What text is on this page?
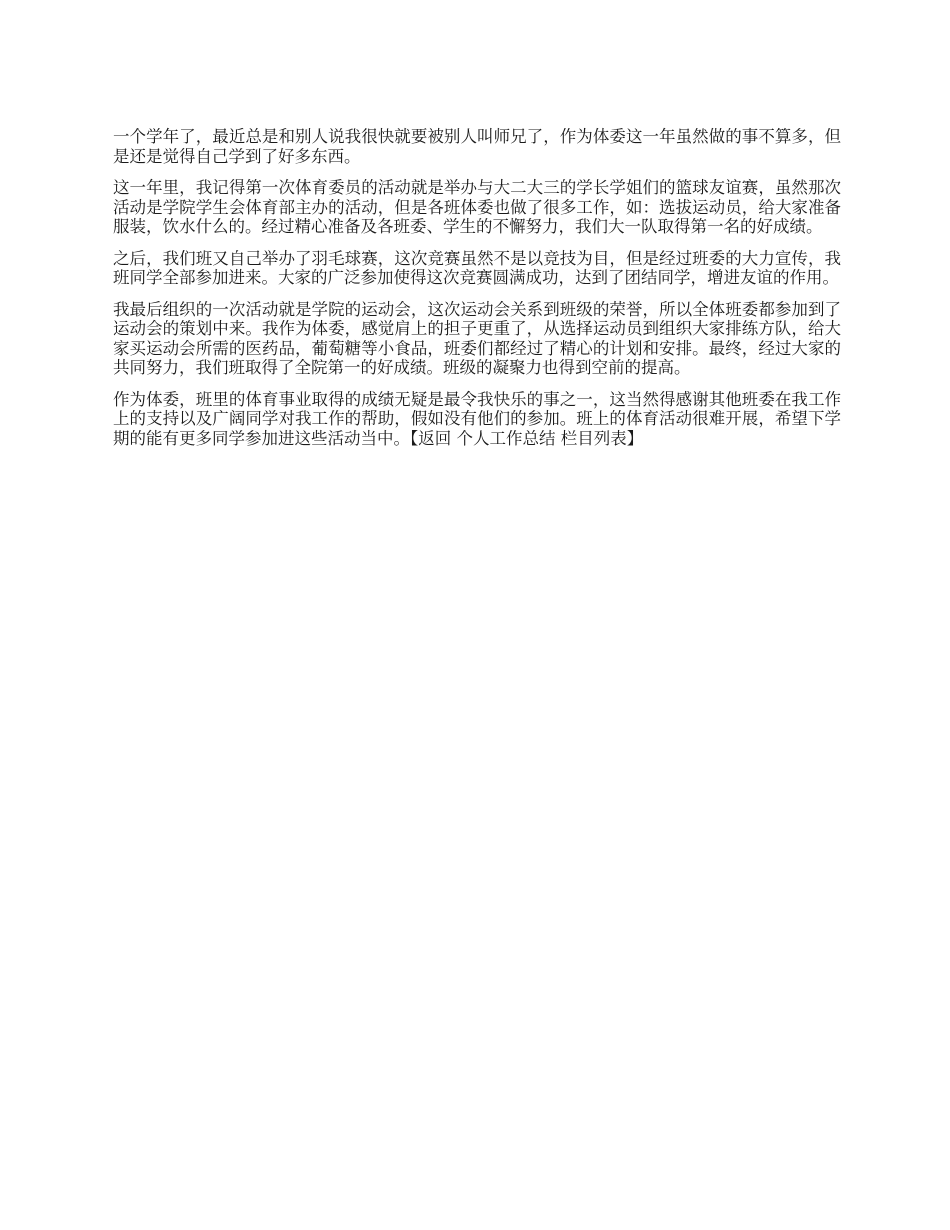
一个学年了，最近总是和别人说我很快就要被别人叫师兄了，作为体委这一年虽然做的事不算多，但是还是觉得自己学到了好多东西。

这一年里，我记得第一次体育委员的活动就是举办与大二大三的学长学姐们的篮球友谊赛，虽然那次活动是学院学生会体育部主办的活动，但是各班体委也做了很多工作，如：选拔运动员，给大家准备服装，饮水什么的。经过精心准备及各班委、学生的不懈努力，我们大一队取得第一名的好成绩。

之后，我们班又自己举办了羽毛球赛，这次竞赛虽然不是以竞技为目，但是经过班委的大力宣传，我班同学全部参加进来。大家的广泛参加使得这次竞赛圆满成功，达到了团结同学，增进友谊的作用。

我最后组织的一次活动就是学院的运动会，这次运动会关系到班级的荣誉，所以全体班委都参加到了运动会的策划中来。我作为体委，感觉肩上的担子更重了，从选择运动员到组织大家排练方队，给大家买运动会所需的医药品，葡萄糖等小食品，班委们都经过了精心的计划和安排。最终，经过大家的共同努力，我们班取得了全院第一的好成绩。班级的凝聚力也得到空前的提高。

作为体委，班里的体育事业取得的成绩无疑是最令我快乐的事之一，这当然得感谢其他班委在我工作上的支持以及广阔同学对我工作的帮助，假如没有他们的参加。班上的体育活动很难开展，希望下学期的能有更多同学参加进这些活动当中。【返回 个人工作总结 栏目列表】
